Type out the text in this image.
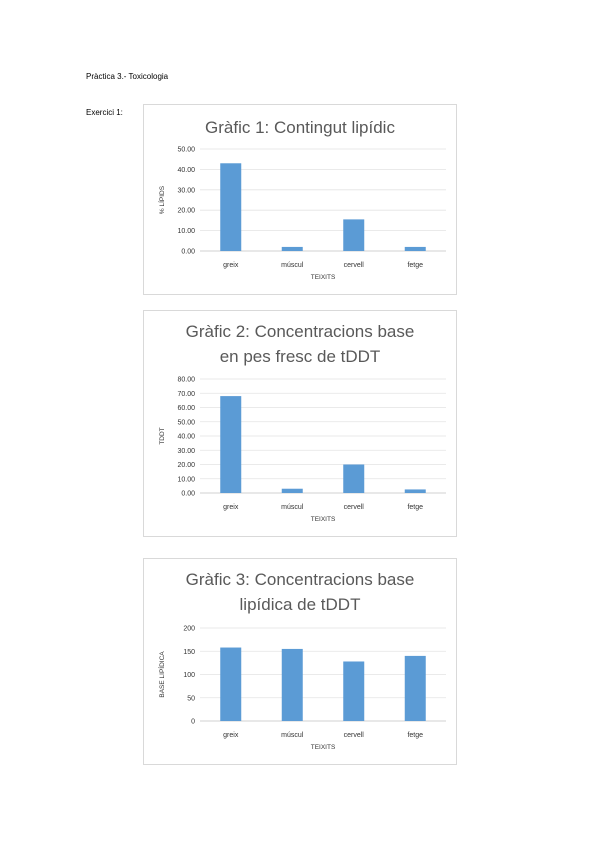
Pràctica 3.- Toxicologia
Exercici 1:
Gràfic 1: Contingut lipídic
0.00
10.00
20.00
30.00
40.00
50.00
greix	múscul	cervell	fetge
TEIXITS
% LÍPIDS
Gràfic 2: Concentracions base
en pes fresc de tDDT
0.00
10.00
20.00
30.00
40.00
50.00
60.00
70.00
80.00
greix	múscul	cervell	fetge
TEIXITS
TDDT
Gràfic 3: Concentracions base
lipídica de tDDT
0
50
100
150
200
greix	múscul	cervell	fetge
TEIXITS
BASE LIPÍDICA
